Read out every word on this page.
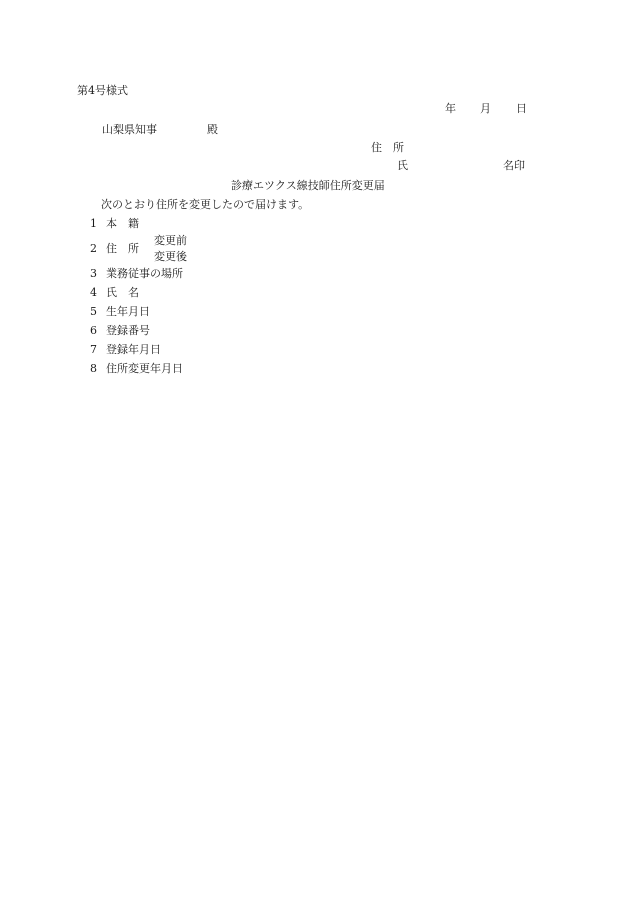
第4号様式
年 月 日
山梨県知事	殿
住　所
氏	名印
診療エツクス線技師住所変更届
次のとおり住所を変更したので届けます。
1 本　籍
2 住　所
変更前
変更後
3 業務従事の場所
4 氏　名
5 生年月日
6 登録番号
7 登録年月日
8 住所変更年月日
